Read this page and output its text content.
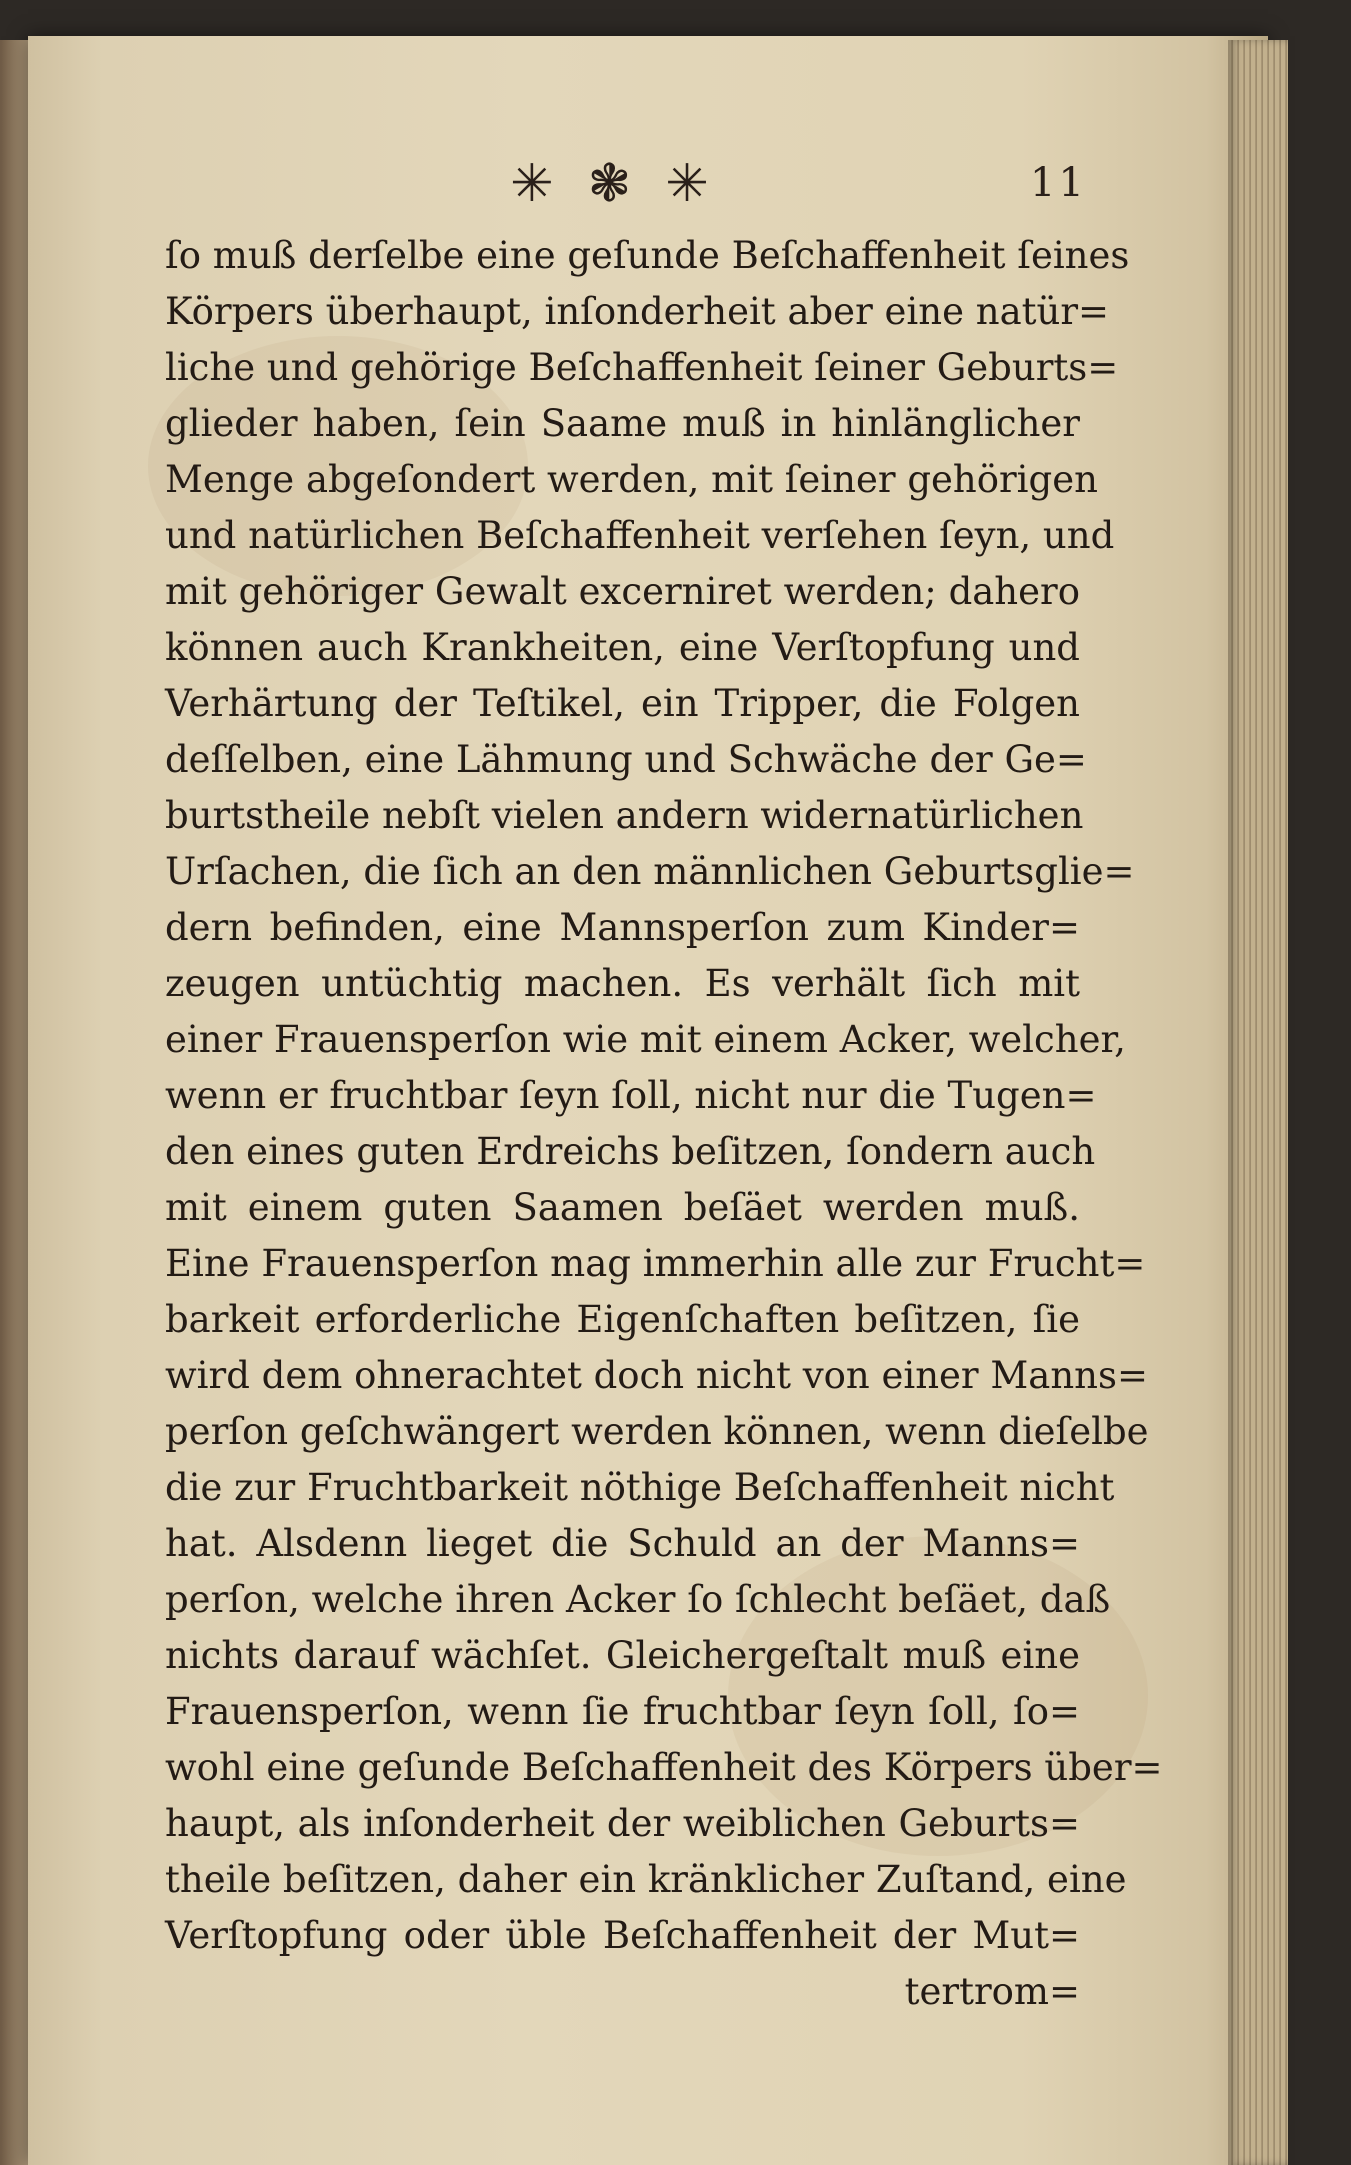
✳ ❃ ✳	11
ſo muß derſelbe eine geſunde Beſchaffenheit ſeines
Körpers überhaupt, inſonderheit aber eine natür=
liche und gehörige Beſchaffenheit ſeiner Geburts=
glieder haben, ſein Saame muß in hinlänglicher
Menge abgeſondert werden, mit ſeiner gehörigen
und natürlichen Beſchaffenheit verſehen ſeyn, und
mit gehöriger Gewalt excerniret werden; dahero
können auch Krankheiten, eine Verſtopfung und
Verhärtung der Teſtikel, ein Tripper, die Folgen
deſſelben, eine Lähmung und Schwäche der Ge=
burtstheile nebſt vielen andern widernatürlichen
Urſachen, die ſich an den männlichen Geburtsglie=
dern befinden, eine Mannsperſon zum Kinder=
zeugen untüchtig machen. Es verhält ſich mit
einer Frauensperſon wie mit einem Acker, welcher,
wenn er fruchtbar ſeyn ſoll, nicht nur die Tugen=
den eines guten Erdreichs beſitzen, ſondern auch
mit einem guten Saamen beſäet werden muß.
Eine Frauensperſon mag immerhin alle zur Frucht=
barkeit erforderliche Eigenſchaften beſitzen, ſie
wird dem ohnerachtet doch nicht von einer Manns=
perſon geſchwängert werden können, wenn dieſelbe
die zur Fruchtbarkeit nöthige Beſchaffenheit nicht
hat. Alsdenn lieget die Schuld an der Manns=
perſon, welche ihren Acker ſo ſchlecht beſäet, daß
nichts darauf wächſet. Gleichergeſtalt muß eine
Frauensperſon, wenn ſie fruchtbar ſeyn ſoll, ſo=
wohl eine geſunde Beſchaffenheit des Körpers über=
haupt, als inſonderheit der weiblichen Geburts=
theile beſitzen, daher ein kränklicher Zuſtand, eine
Verſtopfung oder üble Beſchaffenheit der Mut=
tertrom=
